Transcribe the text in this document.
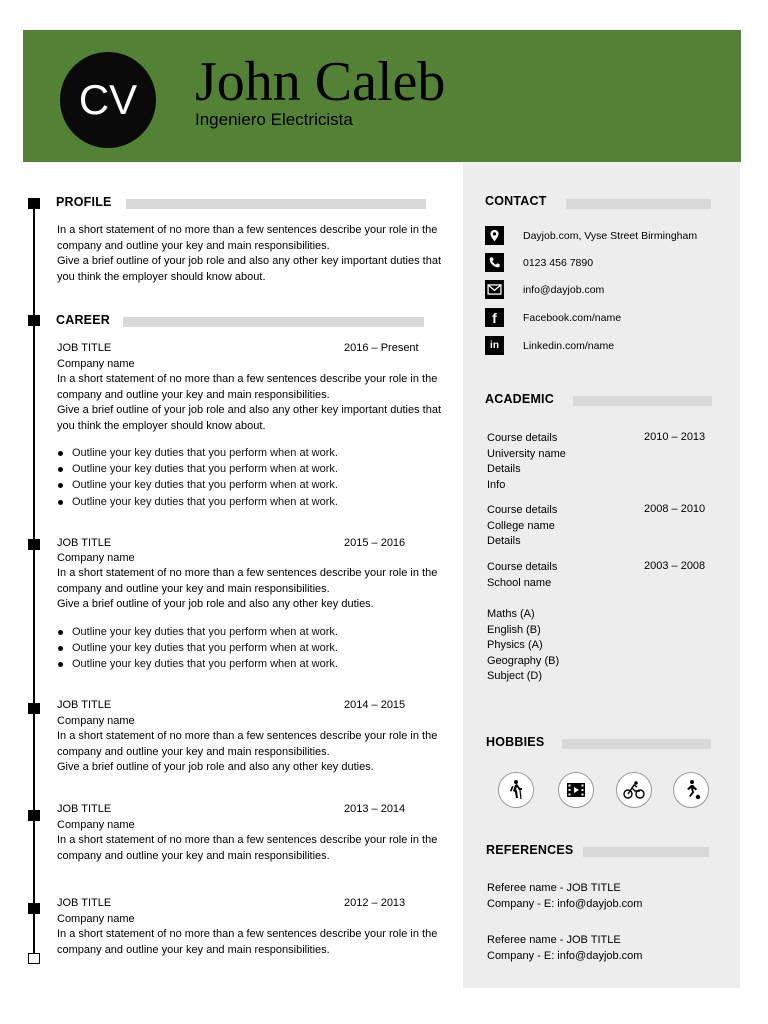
CV	John Caleb
Ingeniero Electricista
PROFILE
In a short statement of no more than a few sentences describe your role in the company and outline your key and main responsibilities.
Give a brief outline of your job role and also any other key important duties that you think the employer should know about.
CAREER
JOB TITLE	2016 – Present
Company name
In a short statement of no more than a few sentences describe your role in the company and outline your key and main responsibilities.
Give a brief outline of your job role and also any other key important duties that you think the employer should know about.
Outline your key duties that you perform when at work.
Outline your key duties that you perform when at work.
Outline your key duties that you perform when at work.
Outline your key duties that you perform when at work.
JOB TITLE	2015 – 2016
Company name
In a short statement of no more than a few sentences describe your role in the company and outline your key and main responsibilities.
Give a brief outline of your job role and also any other key duties.
Outline your key duties that you perform when at work.
Outline your key duties that you perform when at work.
Outline your key duties that you perform when at work.
JOB TITLE	2014 – 2015
Company name
In a short statement of no more than a few sentences describe your role in the company and outline your key and main responsibilities.
Give a brief outline of your job role and also any other key duties.
JOB TITLE	2013 – 2014
Company name
In a short statement of no more than a few sentences describe your role in the company and outline your key and main responsibilities.
JOB TITLE	2012 – 2013
Company name
In a short statement of no more than a few sentences describe your role in the company and outline your key and main responsibilities.
CONTACT
Dayjob.com, Vyse Street Birmingham
0123 456 7890
info@dayjob.com
f	Facebook.com/name
in	Linkedin.com/name
ACADEMIC
Course details
University name
Details
Info
2010 – 2013
Course details
College name
Details
2008 – 2010
Course details
School name
2003 – 2008
Maths (A)
English (B)
Physics (A)
Geography (B)
Subject (D)
HOBBIES
REFERENCES
Referee name - JOB TITLE
Company - E: info@dayjob.com
Referee name - JOB TITLE
Company - E: info@dayjob.com
